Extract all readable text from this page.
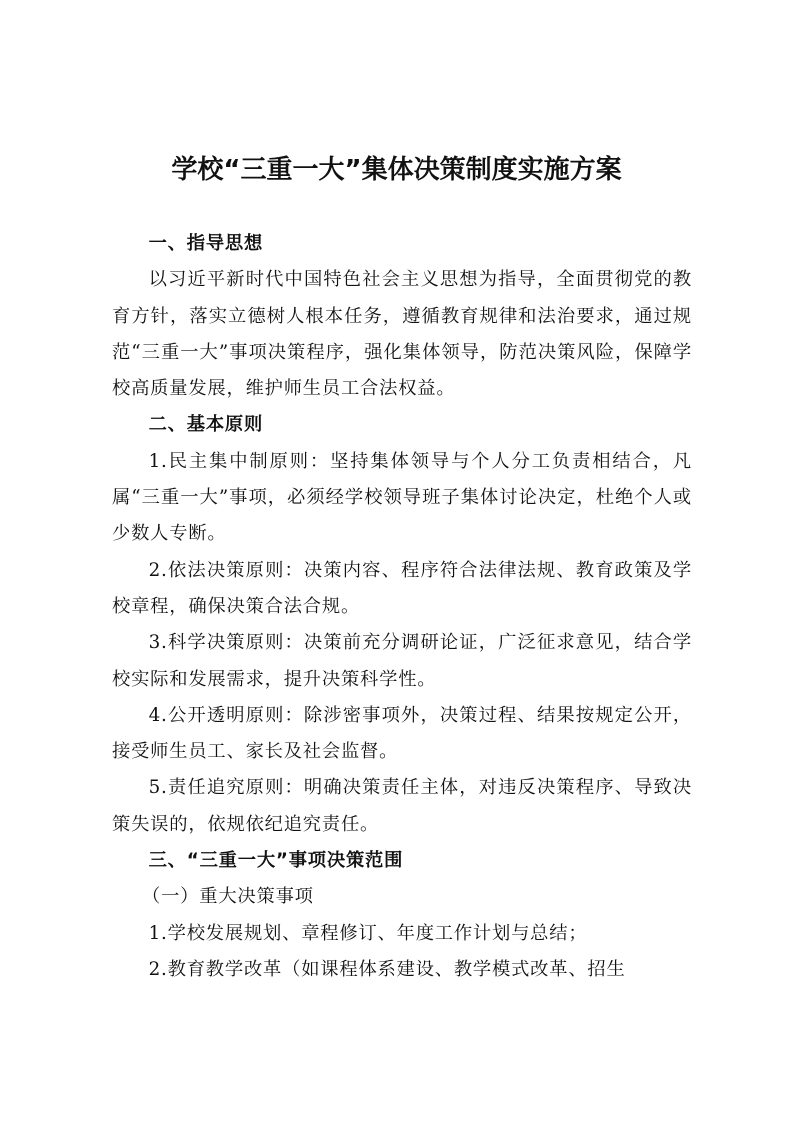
学校“三重一大”集体决策制度实施方案

一、指导思想

以习近平新时代中国特色社会主义思想为指导，全面贯彻党的教育方针，落实立德树人根本任务，遵循教育规律和法治要求，通过规范“三重一大”事项决策程序，强化集体领导，防范决策风险，保障学校高质量发展，维护师生员工合法权益。

二、基本原则

1.民主集中制原则：坚持集体领导与个人分工负责相结合，凡属“三重一大”事项，必须经学校领导班子集体讨论决定，杜绝个人或少数人专断。

2.依法决策原则：决策内容、程序符合法律法规、教育政策及学校章程，确保决策合法合规。

3.科学决策原则：决策前充分调研论证，广泛征求意见，结合学校实际和发展需求，提升决策科学性。

4.公开透明原则：除涉密事项外，决策过程、结果按规定公开，接受师生员工、家长及社会监督。

5.责任追究原则：明确决策责任主体，对违反决策程序、导致决策失误的，依规依纪追究责任。

三、“三重一大”事项决策范围

（一）重大决策事项

1.学校发展规划、章程修订、年度工作计划与总结；

2.教育教学改革（如课程体系建设、教学模式改革、招生
